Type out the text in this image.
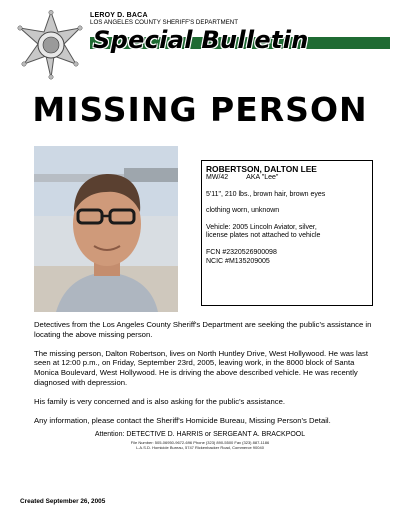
LEROY D. BACA
LOS ANGELES COUNTY SHERIFF'S DEPARTMENT
Special Bulletin
MISSING PERSON

ROBERTSON, DALTON LEE

MW/42	AKA "Lee"

5'11", 210 lbs., brown hair, brown eyes

clothing worn, unknown

Vehicle: 2005 Lincoln Aviator, silver,

license plates not attached to vehicle

FCN #2320526900098

NCIC #M135209005

Detectives from the Los Angeles County Sheriff's Department are seeking the public's assistance in locating the above missing person.

The missing person, Dalton Robertson, lives on North Huntley Drive, West Hollywood. He was last seen at 12:00 p.m., on Friday, September 23rd, 2005, leaving work, in the 8000 block of Santa Monica Boulevard, West Hollywood. He is driving the above described vehicle. He was recently diagnosed with depression.

His family is very concerned and is also asking for the public's assistance.

Any information, please contact the Sheriff's Homicide Bureau, Missing Person's Detail.

Attention: DETECTIVE D. HARRIS or SERGEANT A. BRACKPOOL
File Number: 505-06950-9672-696 Phone (323) 890-5500 Fax (323) 887-1186
L.A.S.D. Homicide Bureau, 5747 Rickenbacker Road, Commerce 90040
Created September 26, 2005
